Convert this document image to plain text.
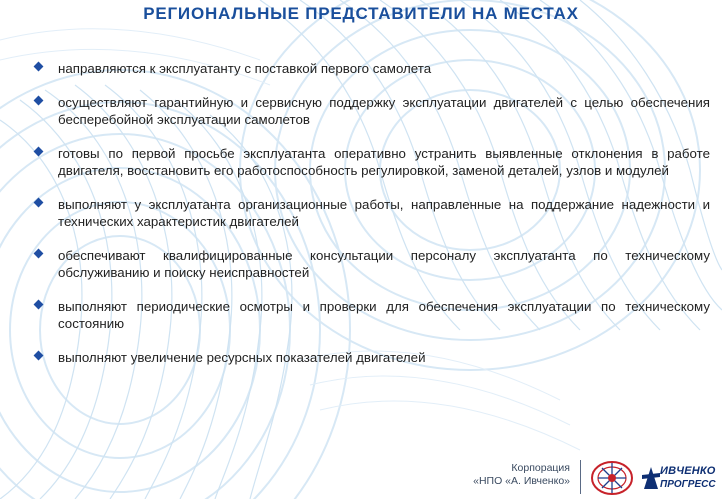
РЕГИОНАЛЬНЫЕ ПРЕДСТАВИТЕЛИ НА МЕСТАХ
направляются к эксплуатанту с поставкой первого самолета
осуществляют гарантийную и сервисную поддержку эксплуатации двигателей с целью обеспечения бесперебойной эксплуатации самолетов
готовы по первой просьбе эксплуатанта оперативно устранить выявленные отклонения в работе двигателя, восстановить его работоспособность регулировкой, заменой деталей, узлов и модулей
выполняют у эксплуатанта организационные работы, направленные на поддержание надежности и технических характеристик двигателей
обеспечивают квалифицированные консультации персоналу эксплуатанта по техническому обслуживанию и поиску неисправностей
выполняют периодические осмотры и проверки для обеспечения эксплуатации по техническому состоянию
выполняют увеличение ресурсных показателей двигателей
Корпорация
«НПО «А. Ивченко»
ИВЧЕНКО
ПРОГРЕСС
